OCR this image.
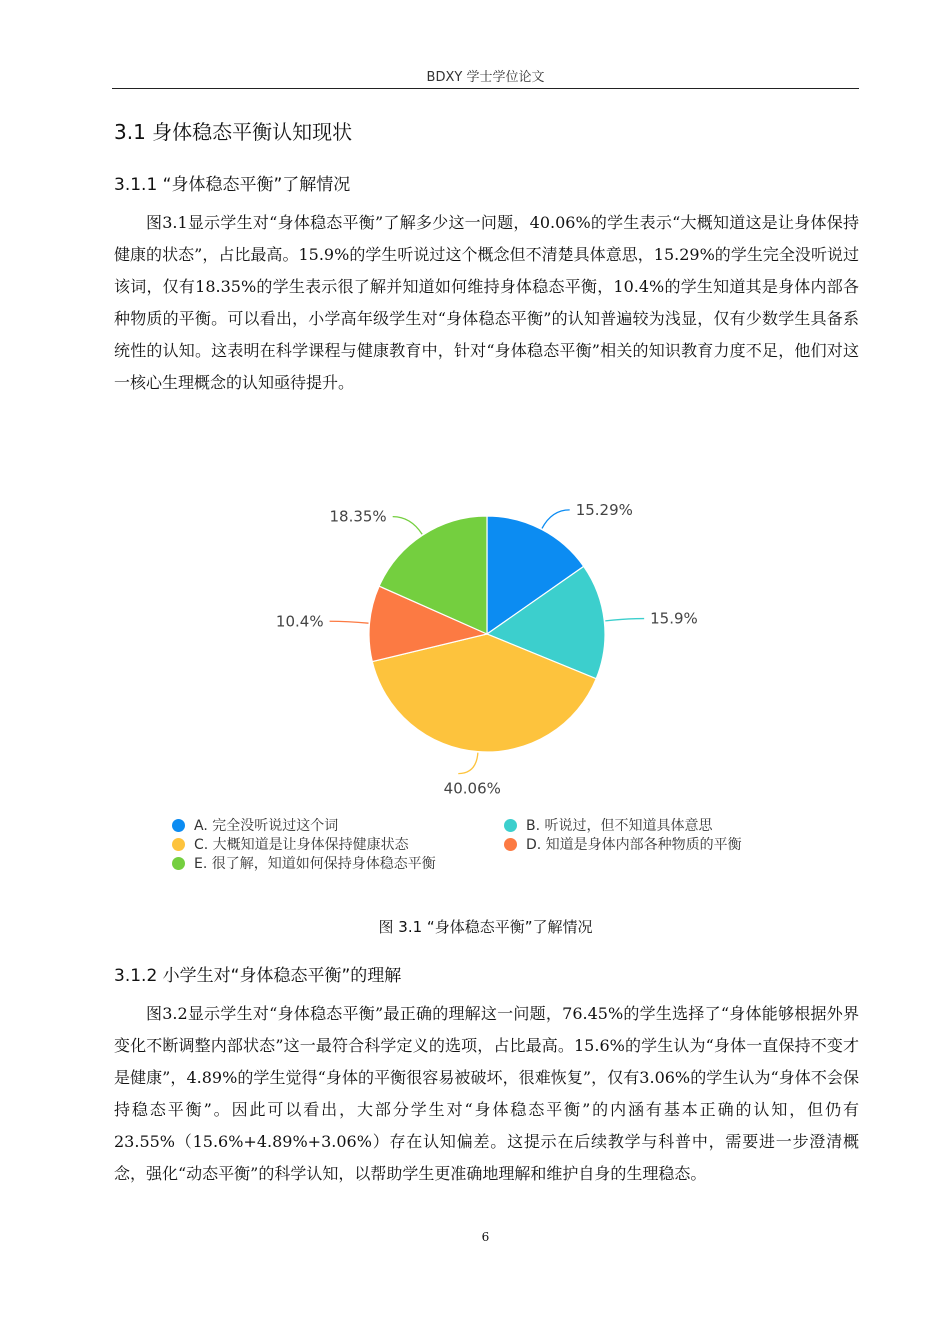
BDXY 学士学位论文
3.1 身体稳态平衡认知现状
3.1.1 “身体稳态平衡”了解情况

图3.1显示学生对“身体稳态平衡”了解多少这一问题，40.06%的学生表示“大概知道这是让身体保持健康的状态”，占比最高。15.9%的学生听说过这个概念但不清楚具体意思，15.29%的学生完全没听说过该词，仅有18.35%的学生表示很了解并知道如何维持身体稳态平衡，10.4%的学生知道其是身体内部各种物质的平衡。可以看出，小学高年级学生对“身体稳态平衡”的认知普遍较为浅显，仅有少数学生具备系统性的认知。这表明在科学课程与健康教育中，针对“身体稳态平衡”相关的知识教育力度不足，他们对这一核心生理概念的认知亟待提升。

15.29%
15.9%
40.06%
10.4%
18.35%
A. 完全没听说过这个词	B. 听说过，但不知道具体意思
C. 大概知道是让身体保持健康状态	D. 知道是身体内部各种物质的平衡
E. 很了解，知道如何保持身体稳态平衡
图 3.1 “身体稳态平衡”了解情况
3.1.2 小学生对“身体稳态平衡”的理解

图3.2显示学生对“身体稳态平衡”最正确的理解这一问题，76.45%的学生选择了“身体能够根据外界变化不断调整内部状态”这一最符合科学定义的选项，占比最高。15.6%的学生认为“身体一直保持不变才是健康”，4.89%的学生觉得“身体的平衡很容易被破坏，很难恢复”，仅有3.06%的学生认为“身体不会保持稳态平衡”。因此可以看出，大部分学生对“身体稳态平衡”的内涵有基本正确的认知，但仍有23.55%（15.6%+4.89%+3.06%）存在认知偏差。这提示在后续教学与科普中，需要进一步澄清概念，强化“动态平衡”的科学认知，以帮助学生更准确地理解和维护自身的生理稳态。

6
